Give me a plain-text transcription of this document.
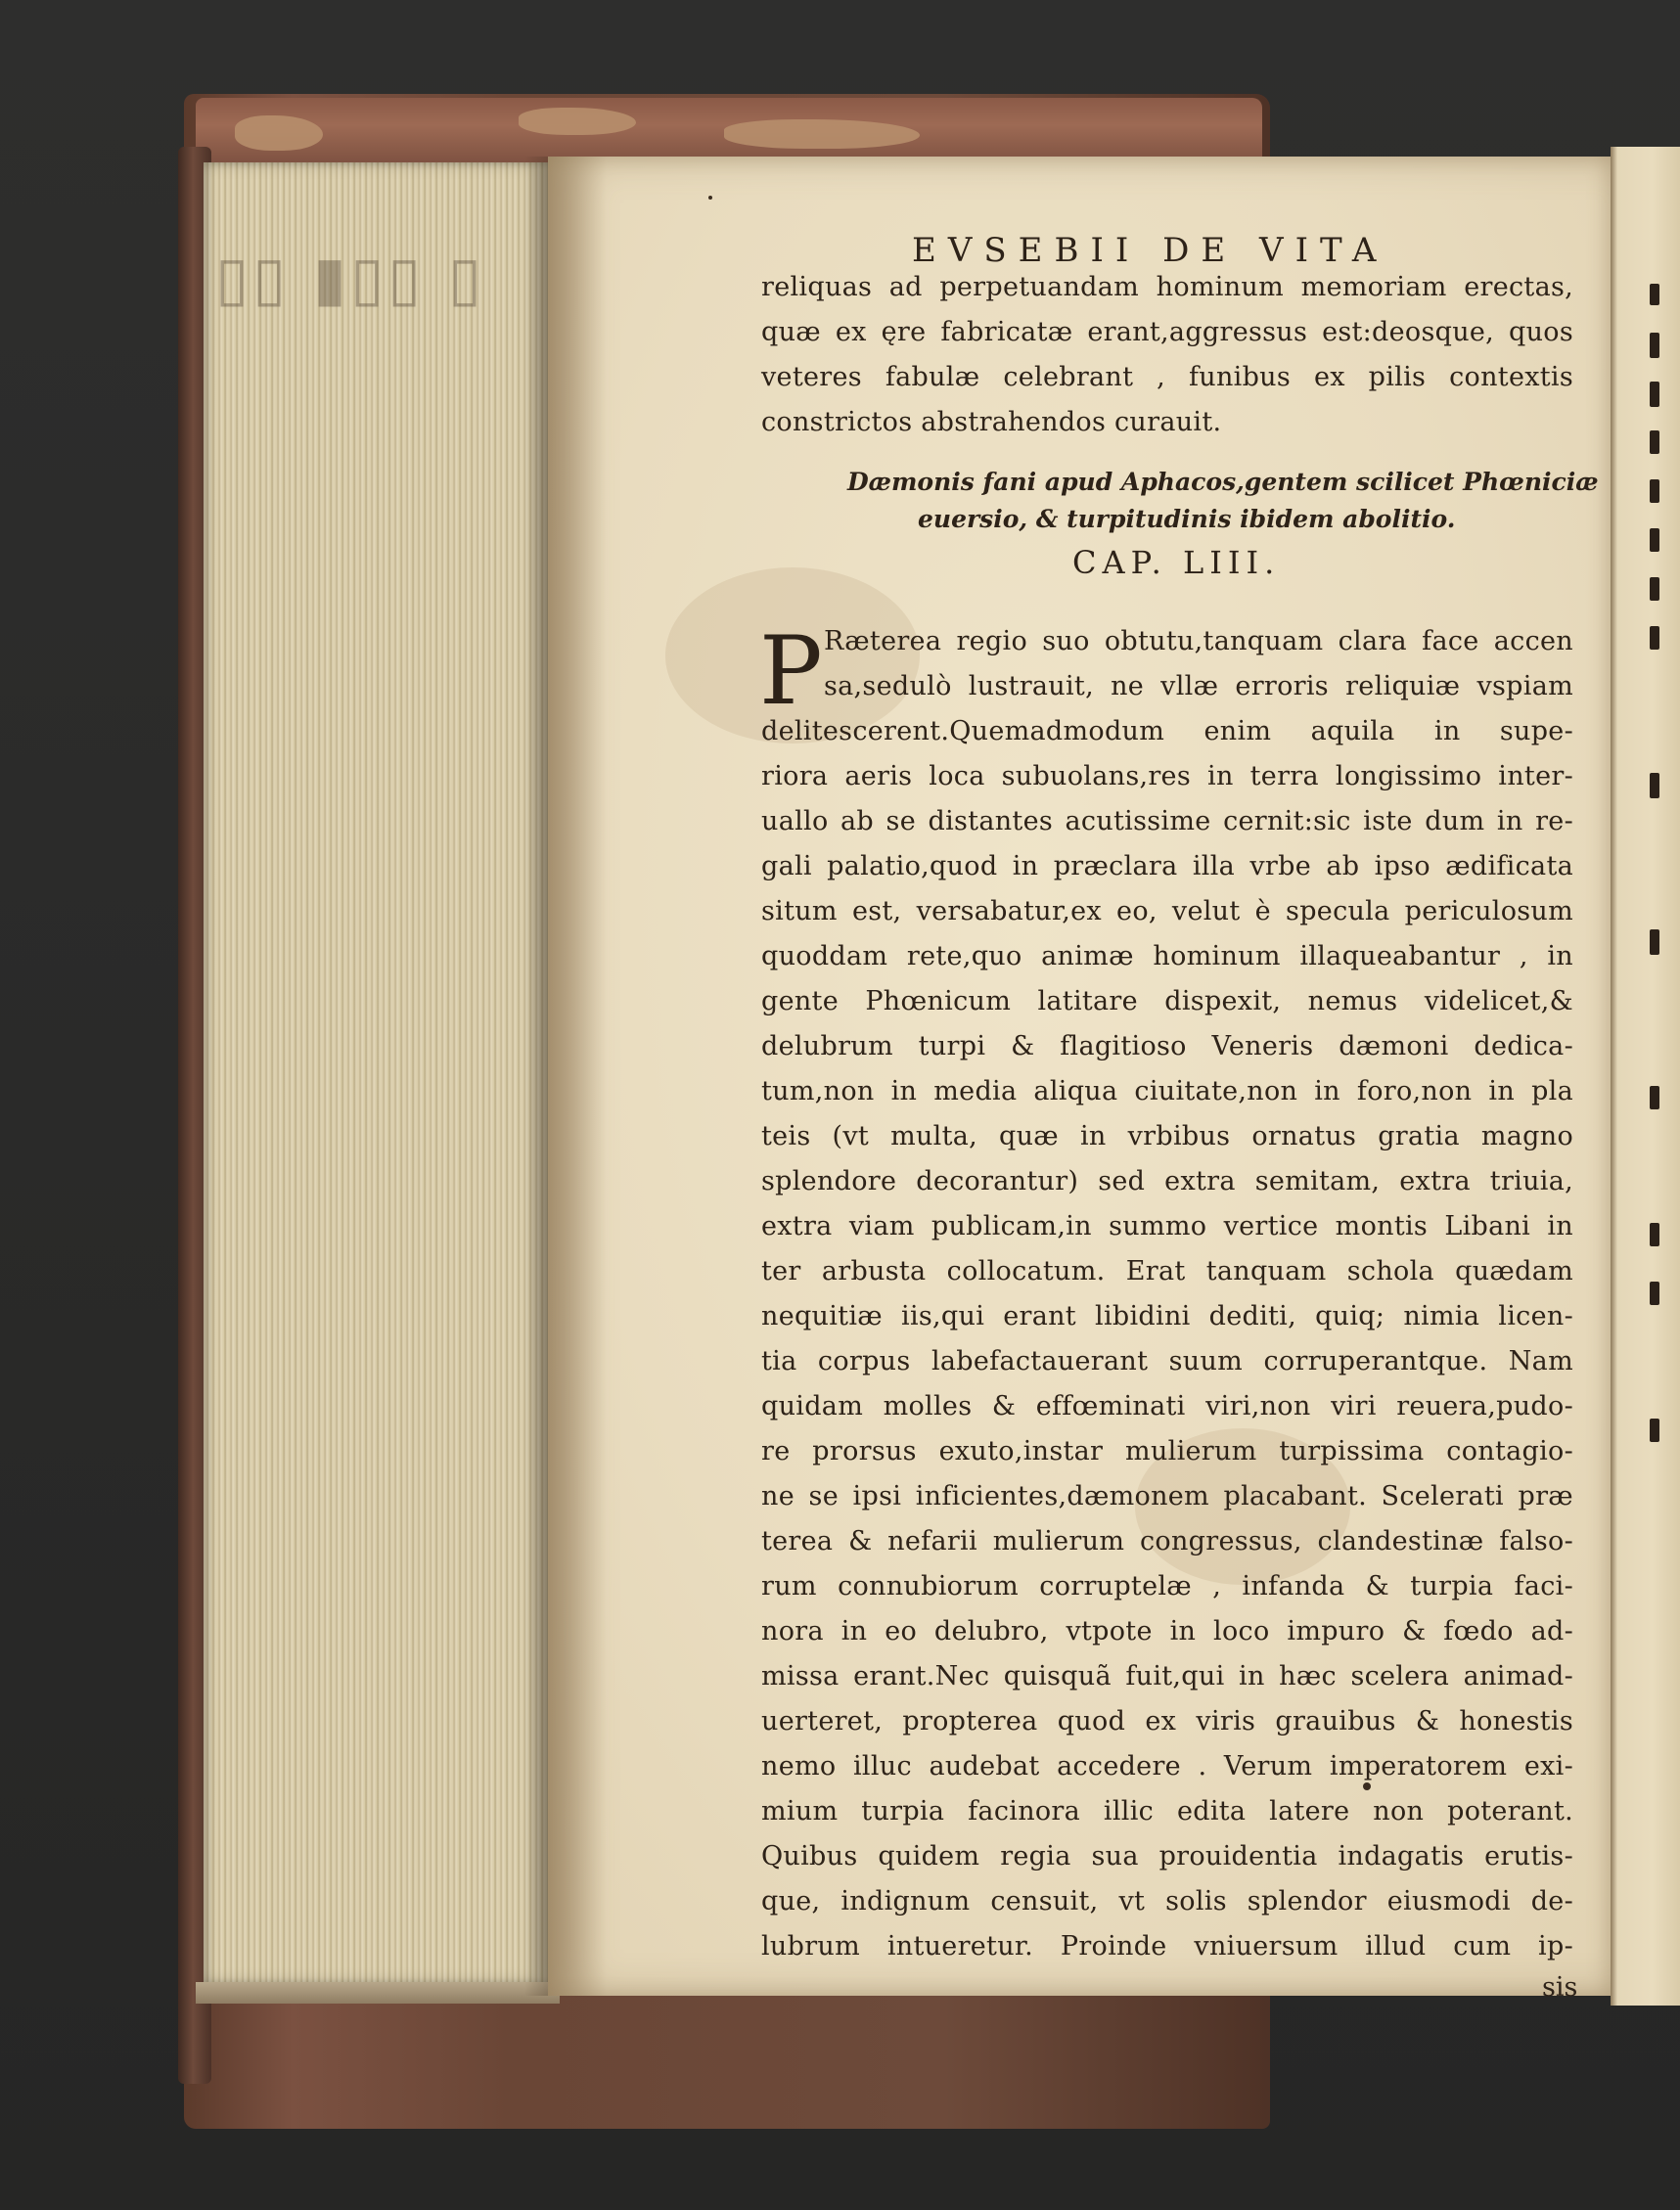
▯▯ ▮▯▯ ▯	EVSEBII DE VITA
reliquas ad perpetuandam hominum memoriam erectas,
quæ ex ęre fabricatæ erant,aggressus est:deosque, quos
veteres fabulæ celebrant , funibus ex pilis contextis
constrictos abstrahendos curauit.
Dæmonis fani apud Aphacos,gentem scilicet Phœniciæ
euersio, & turpitudinis ibidem abolitio.
CAP. LIII.
P Ræterea regio suo obtutu,tanquam clara face accen
sa,sedulò lustrauit, ne vllæ erroris reliquiæ vspiam
delitescerent.Quemadmodum enim aquila in supe-
riora aeris loca subuolans,res in terra longissimo inter-
uallo ab se distantes acutissime cernit:sic iste dum in re-
gali palatio,quod in præclara illa vrbe ab ipso ædificata
situm est, versabatur,ex eo, velut è specula periculosum
quoddam rete,quo animæ hominum illaqueabantur , in
gente Phœnicum latitare dispexit, nemus videlicet,&
delubrum turpi & flagitioso Veneris dæmoni dedica-
tum,non in media aliqua ciuitate,non in foro,non in pla
teis (vt multa, quæ in vrbibus ornatus gratia magno
splendore decorantur) sed extra semitam, extra triuia,
extra viam publicam,in summo vertice montis Libani in
ter arbusta collocatum. Erat tanquam schola quædam
nequitiæ iis,qui erant libidini dediti, quiq; nimia licen-
tia corpus labefactauerant suum corruperantque. Nam
quidam molles & effœminati viri,non viri reuera,pudo-
re prorsus exuto,instar mulierum turpissima contagio-
ne se ipsi inficientes,dæmonem placabant. Scelerati præ
terea & nefarii mulierum congressus, clandestinæ falso-
rum connubiorum corruptelæ , infanda & turpia faci-
nora in eo delubro, vtpote in loco impuro & fœdo ad-
missa erant.Nec quisquã fuit,qui in hæc scelera animad-
uerteret, propterea quod ex viris grauibus & honestis
nemo illuc audebat accedere . Verum imperatorem exi-
mium turpia facinora illic edita latere non poterant.
Quibus quidem regia sua prouidentia indagatis erutis-
que, indignum censuit, vt solis splendor eiusmodi de-
lubrum intueretur. Proinde vniuersum illud cum ip-
sis
